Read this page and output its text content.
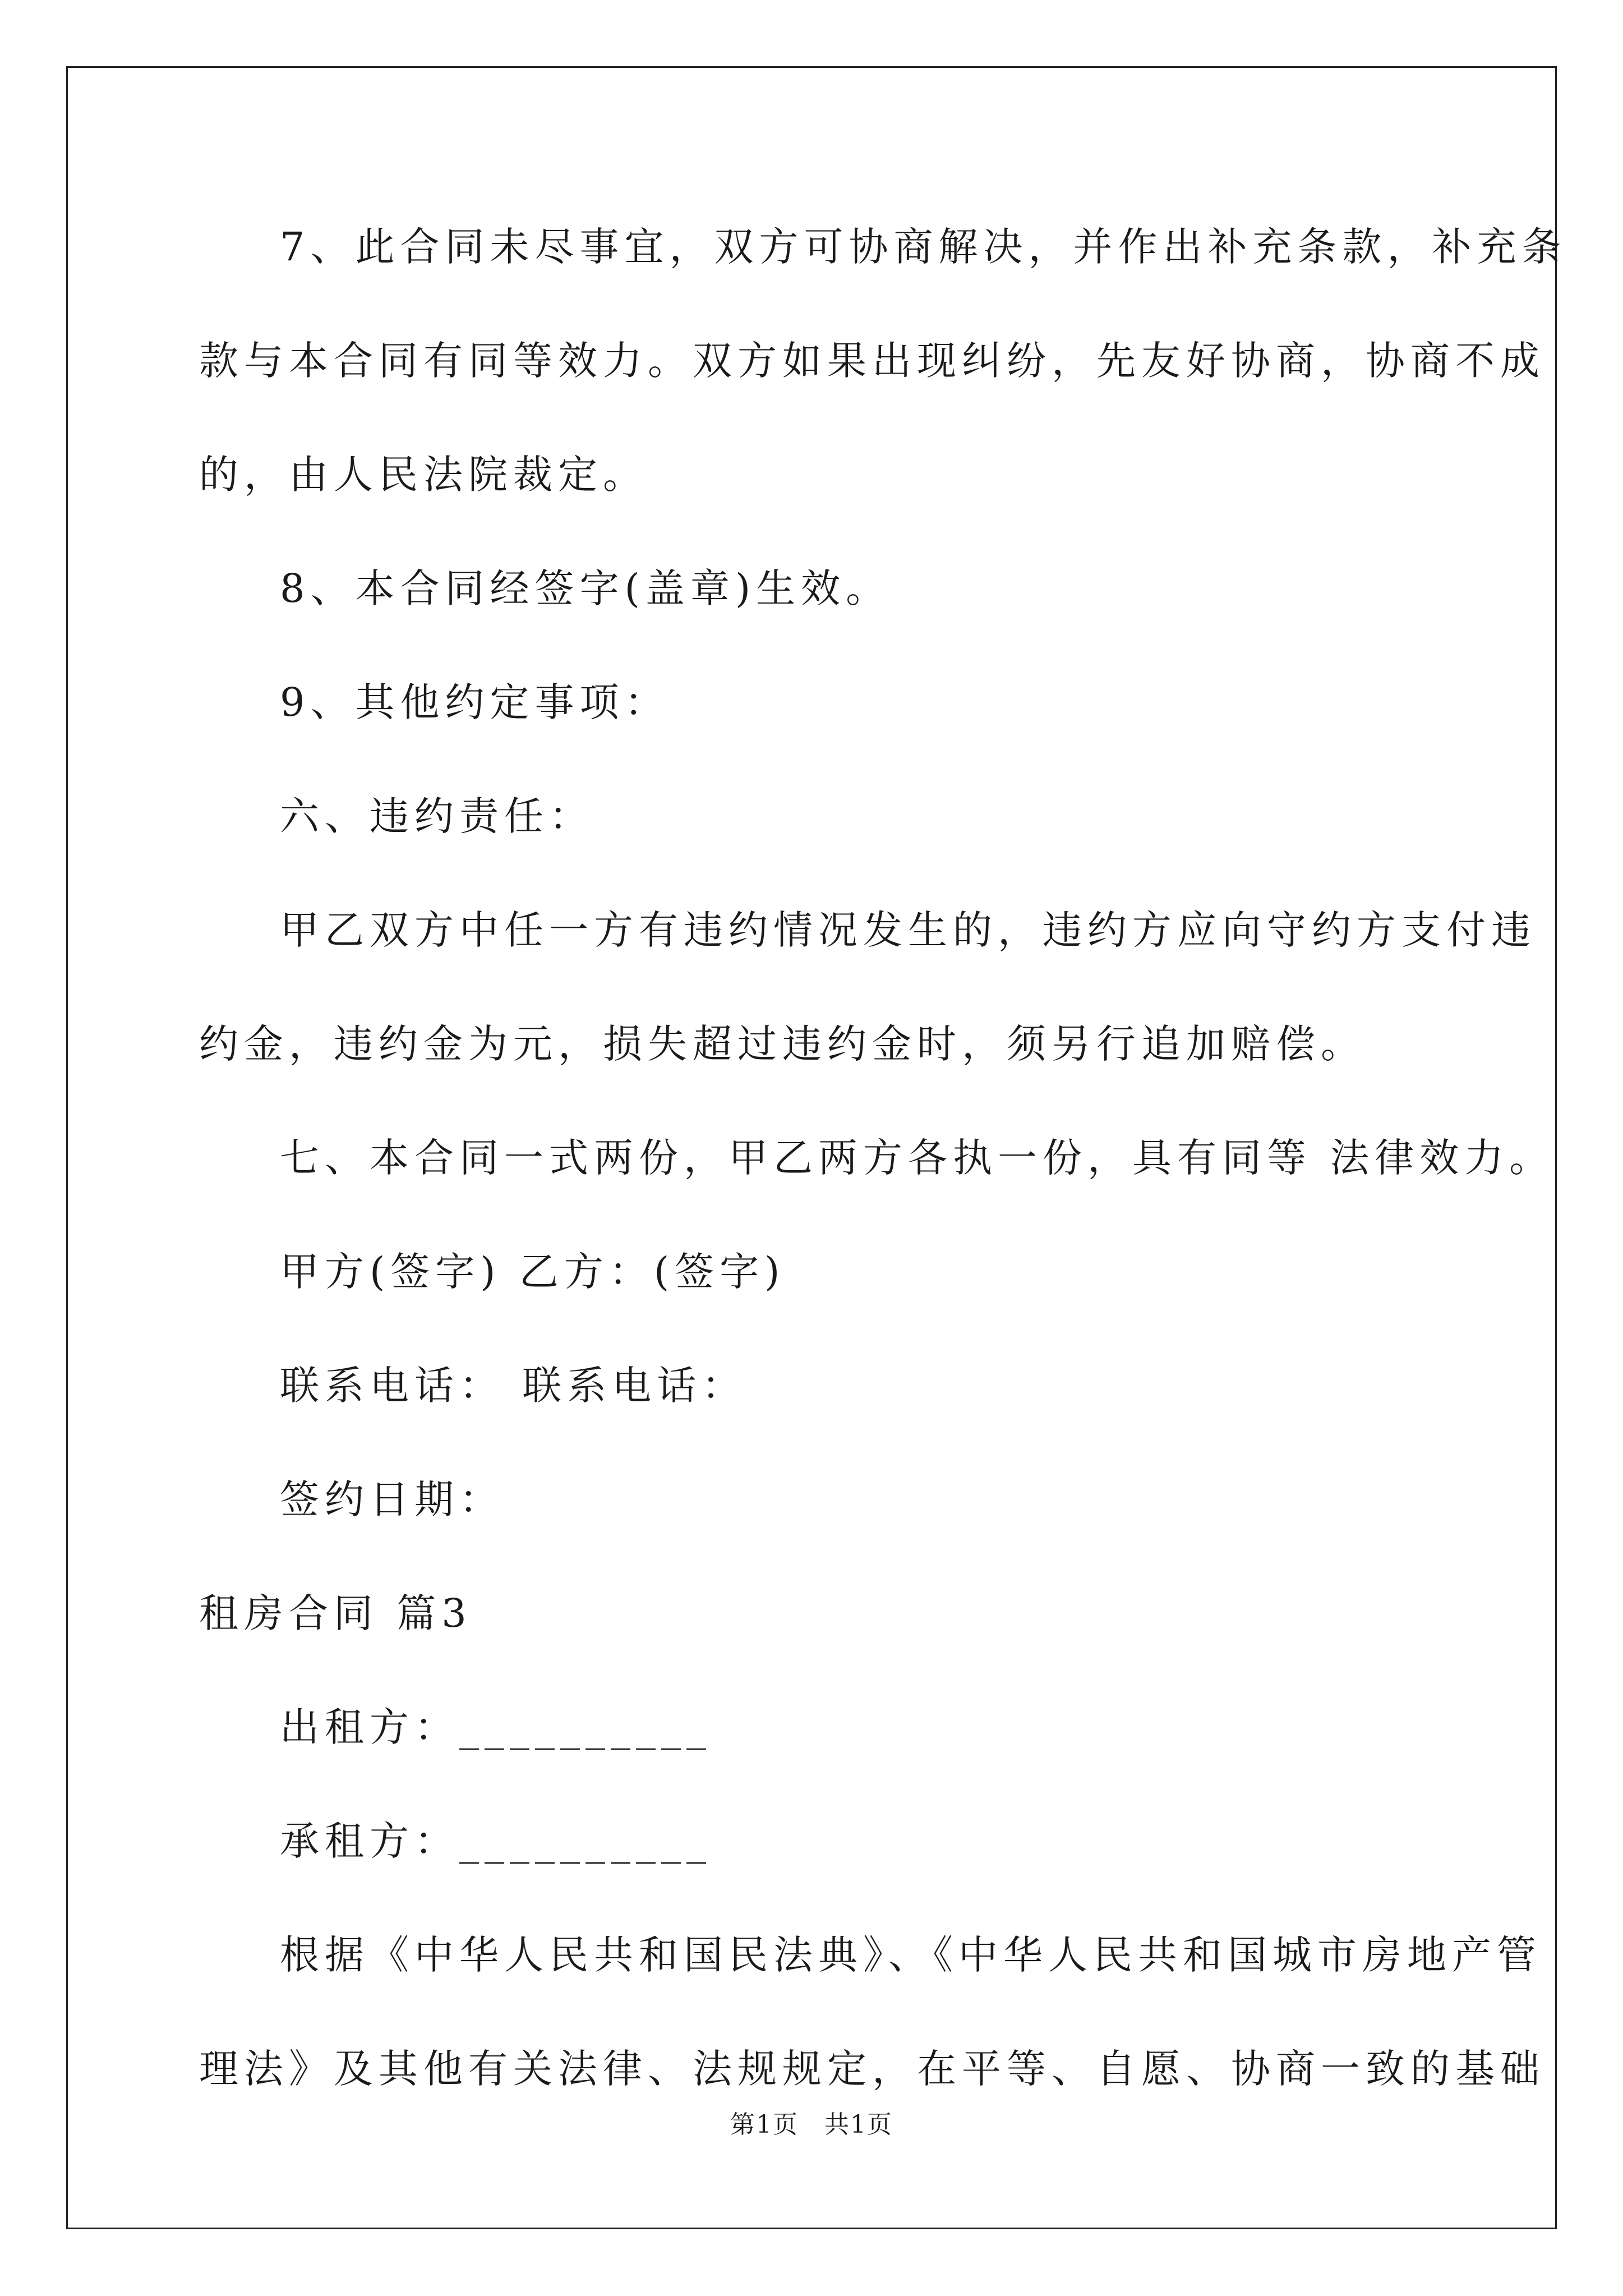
7、此合同未尽事宜，双方可协商解决，并作出补充条款，补充条
款与本合同有同等效力。双方如果出现纠纷，先友好协商，协商不成
的，由人民法院裁定。
8、本合同经签字(盖章)生效。
9、其他约定事项：
六、违约责任：
甲乙双方中任一方有违约情况发生的，违约方应向守约方支付违
约金，违约金为元，损失超过违约金时，须另行追加赔偿。
七、本合同一式两份，甲乙两方各执一份，具有同等 法律效力。
甲方(签字) 乙方：(签字)
联系电话： 联系电话：
签约日期：
租房合同 篇3
出租方：__________
承租方：__________
根据《中华人民共和国民法典》、《中华人民共和国城市房地产管
理法》及其他有关法律、法规规定，在平等、自愿、协商一致的基础
第1页　共1页
